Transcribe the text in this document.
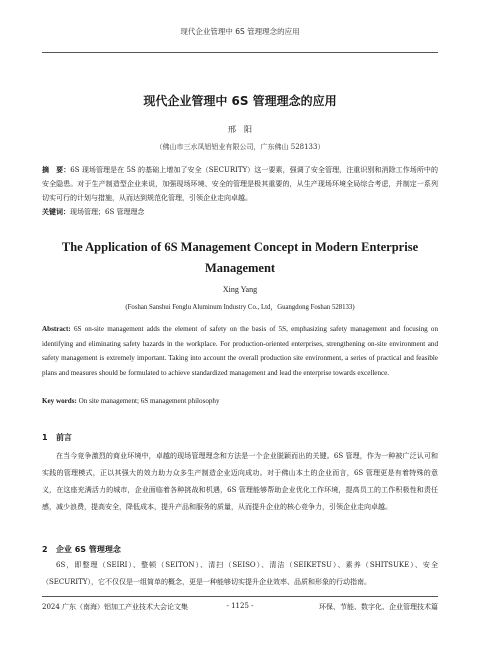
现代企业管理中 6S 管理理念的应用
现代企业管理中 6S 管理理念的应用
邢　阳
（佛山市三水凤铝铝业有限公司，广东佛山 528133）
摘　要：6S 现场管理是在 5S 的基础上增加了安全（SECURITY）这一要素，强调了安全管理，注重识别和消除工作场所中的安全隐患。对于生产制造型企业来说，加强现场环境、安全的管理是极其重要的，从生产现场环境全局综合考虑，并制定一系列切实可行的计划与措施，从而达到规范化管理，引领企业走向卓越。
关键词：现场管理；6S 管理理念
The Application of 6S Management Concept in Modern Enterprise Management
Xing Yang
(Foshan Sanshui Fenglu Aluminum Industry Co., Ltd，Guangdong Foshan 528133)
Abstract: 6S on-site management adds the element of safety on the basis of 5S, emphasizing safety management and focusing on identifying and eliminating safety hazards in the workplace. For production-oriented enterprises, strengthening on-site environment and safety management is extremely important. Taking into account the overall production site environment, a series of practical and feasible plans and measures should be formulated to achieve standardized management and lead the enterprise towards excellence.
Key words: On site management; 6S management philosophy
1 前言
在当今竞争激烈的商业环境中，卓越的现场管理理念和方法是一个企业脱颖而出的关键。6S 管理，作为一种被广泛认可和实践的管理模式，正以其强大的效力助力众多生产制造企业迈向成功。对于佛山本土的企业而言，6S 管理更是有着特殊的意义，在这座充满活力的城市，企业面临着各种挑战和机遇，6S 管理能够帮助企业优化工作环境，提高员工的工作积极性和责任感，减少浪费，提高安全，降低成本，提升产品和服务的质量，从而提升企业的核心竞争力，引领企业走向卓越。
2 企业 6S 管理理念
6S，即整理（SEIRI）、整顿（SEITON）、清扫（SEISO）、清洁（SEIKETSU）、素养（SHITSUKE）、安全（SECURITY），它不仅仅是一组简单的概念，更是一种能够切实提升企业效率、品质和形象的行动指南。
2024 广东（南海）铝加工产业技术大会论文集	- 1125 -	环保、节能、数字化、企业管理技术篇
